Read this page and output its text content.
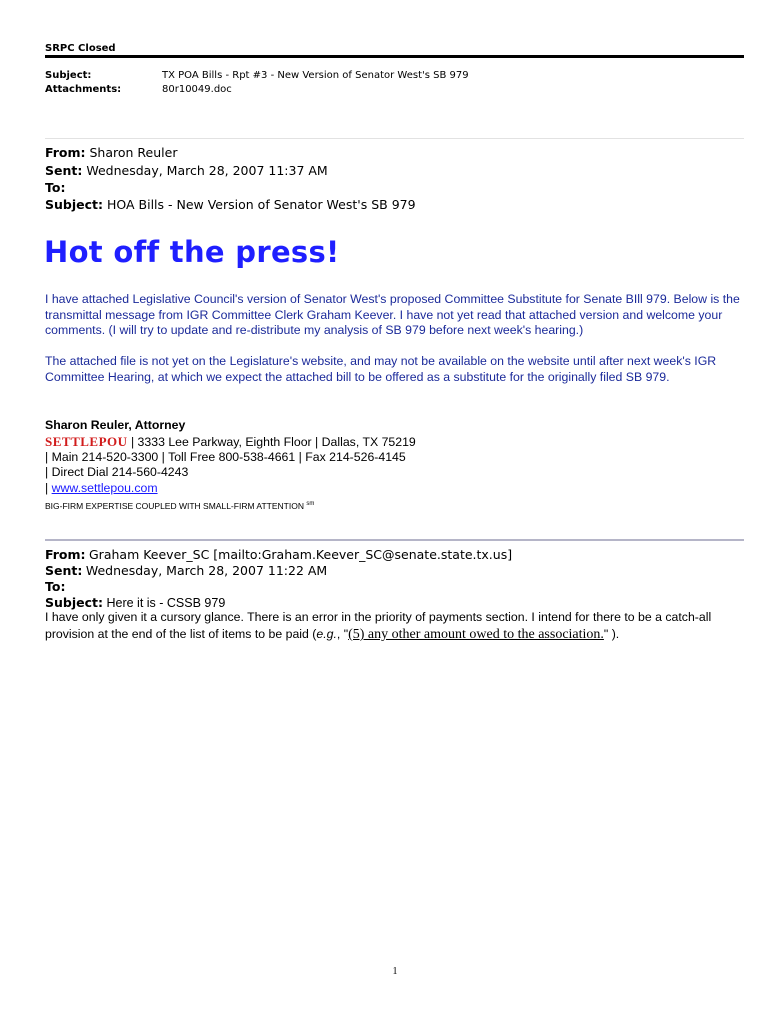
SRPC Closed
Subject:	TX POA Bills - Rpt #3 - New Version of Senator West's SB 979
Attachments:	80r10049.doc
From: Sharon Reuler
Sent: Wednesday, March 28, 2007 11:37 AM
To:
Subject: HOA Bills - New Version of Senator West's SB 979
Hot off the press!
I have attached Legislative Council's version of Senator West's proposed Committee Substitute for Senate BIll 979. Below is the transmittal message from IGR Committee Clerk Graham Keever. I have not yet read that attached version and welcome your comments. (I will try to update and re-distribute my analysis of SB 979 before next week's hearing.)
The attached file is not yet on the Legislature's website, and may not be available on the website until after next week's IGR Committee Hearing, at which we expect the attached bill to be offered as a substitute for the originally filed SB 979.
Sharon Reuler, Attorney
SETTLEPOU | 3333 Lee Parkway, Eighth Floor | Dallas, TX 75219
| Main 214-520-3300 | Toll Free 800-538-4661 | Fax 214-526-4145
| Direct Dial 214-560-4243
| www.settlepou.com
BIG-FIRM EXPERTISE COUPLED WITH SMALL-FIRM ATTENTION $^{sm}$
From: Graham Keever_SC [mailto:Graham.Keever_SC@senate.state.tx.us]
Sent: Wednesday, March 28, 2007 11:22 AM
To:
Subject: Here it is - CSSB 979
I have only given it a cursory glance. There is an error in the priority of payments section. I intend for there to be a catch-all provision at the end of the list of items to be paid (e.g., "(5) any other amount owed to the association." ).
1
